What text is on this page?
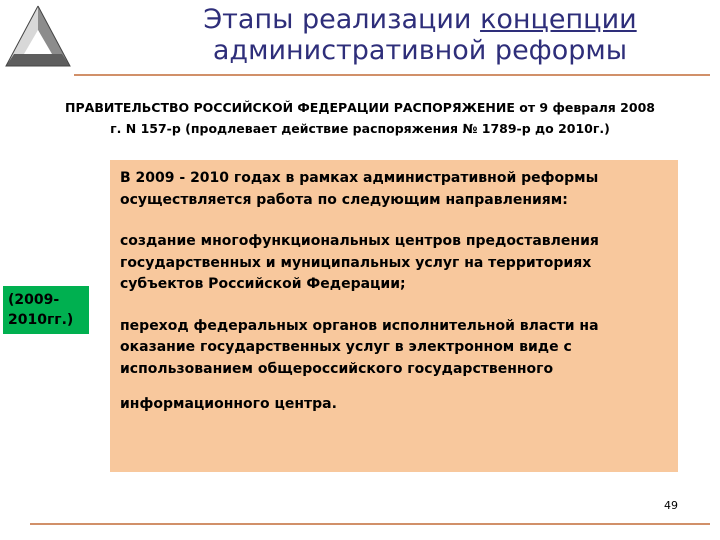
Этапы реализации концепции
административной реформы
ПРАВИТЕЛЬСТВО РОССИЙСКОЙ ФЕДЕРАЦИИ РАСПОРЯЖЕНИЕ от 9 февраля 2008
г. N 157-р (продлевает действие распоряжения № 1789-р до 2010г.)

В 2009 - 2010 годах в рамках административной реформы осуществляется работа по следующим направлениям:

создание многофункциональных центров предоставления государственных и муниципальных услуг на территориях субъектов Российской Федерации;

переход федеральных органов исполнительной власти на оказание государственных услуг в электронном виде с использованием общероссийского государственного

информационного центра.

(2009-
2010гг.)
49
